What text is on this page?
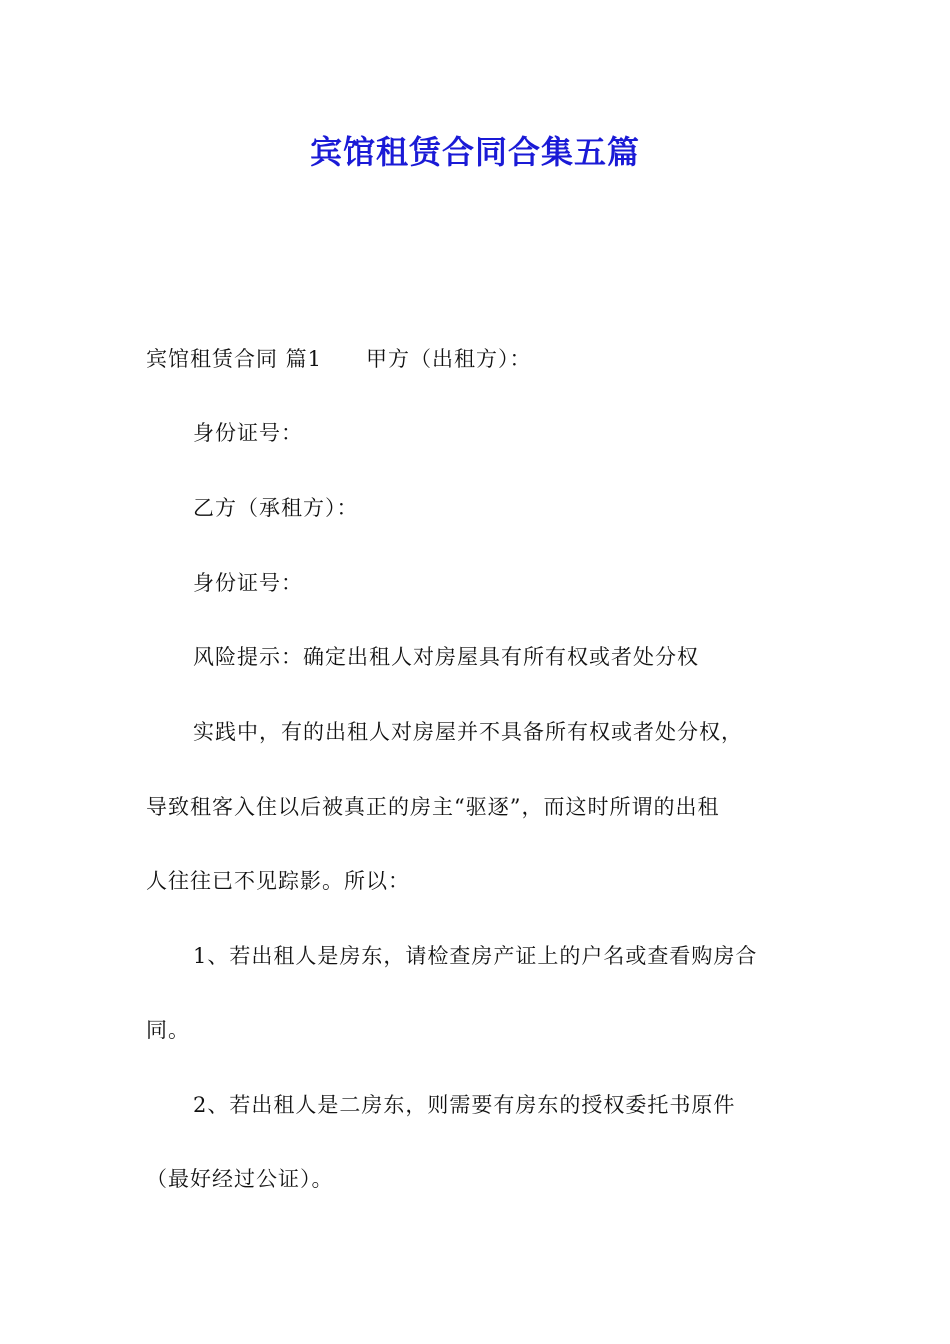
宾馆租赁合同合集五篇
宾馆租赁合同 篇1 甲方（出租方）：
身份证号：
乙方（承租方）：
身份证号：
风险提示：确定出租人对房屋具有所有权或者处分权
实践中，有的出租人对房屋并不具备所有权或者处分权，
导致租客入住以后被真正的房主“驱逐”，而这时所谓的出租
人往往已不见踪影。所以：
1、若出租人是房东，请检查房产证上的户名或查看购房合
同。
2、若出租人是二房东，则需要有房东的授权委托书原件
（最好经过公证）。
